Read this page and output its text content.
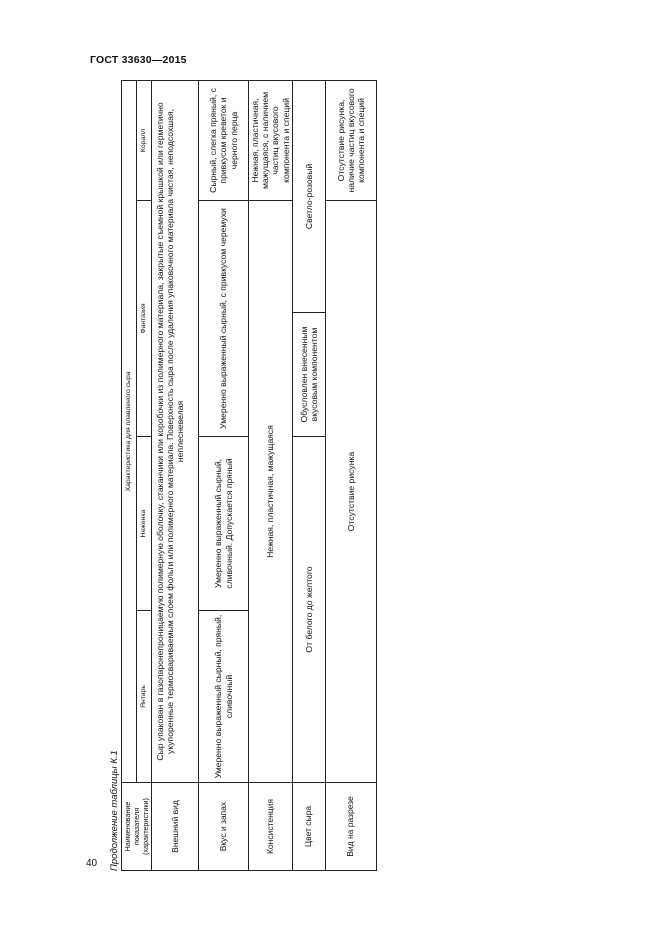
ГОСТ 33630—2015
40 Продолжение таблицы К.1 Наименование показателя (характеристики)	Характеристика для плавленого сыра				
	Янтарь	Неженка	Фантазия		Коралл
Внешний вид	Сыр упакован в газопаронепроницаемую полимерную оболочку, стаканчики или коробочки из полимерного материала, закрытые съемной крышкой или герметично укупоренные термосвариваемым слоем фольги или полимерного материала. Поверхность сыра после удаления упаковочного материала чистая, неподсохшая, неплесневелая				

Вкус и запах	Умеренно выраженный сырный, пряный, сливочный	Умеренно выраженный сырный, сливочный. Допускается пряный	Умеренно выраженный сырный, с привкусом черемухи		Сырный, слегка пряный, с привкусом креветок и черного перца
Консистенция	Нежная, пластичная, мажущаяся				Нежная, пластичная, мажущаяся, с наличием частиц вкусового компонента и специй
Цвет сыра	От белого до желтого		Обусловлен внесенным вкусовым компонентом	Светло-розовый	
Вид на разрезе	Отсутствие рисунка				Отсутствие рисунка, наличие частиц вкусового компонента и специй
